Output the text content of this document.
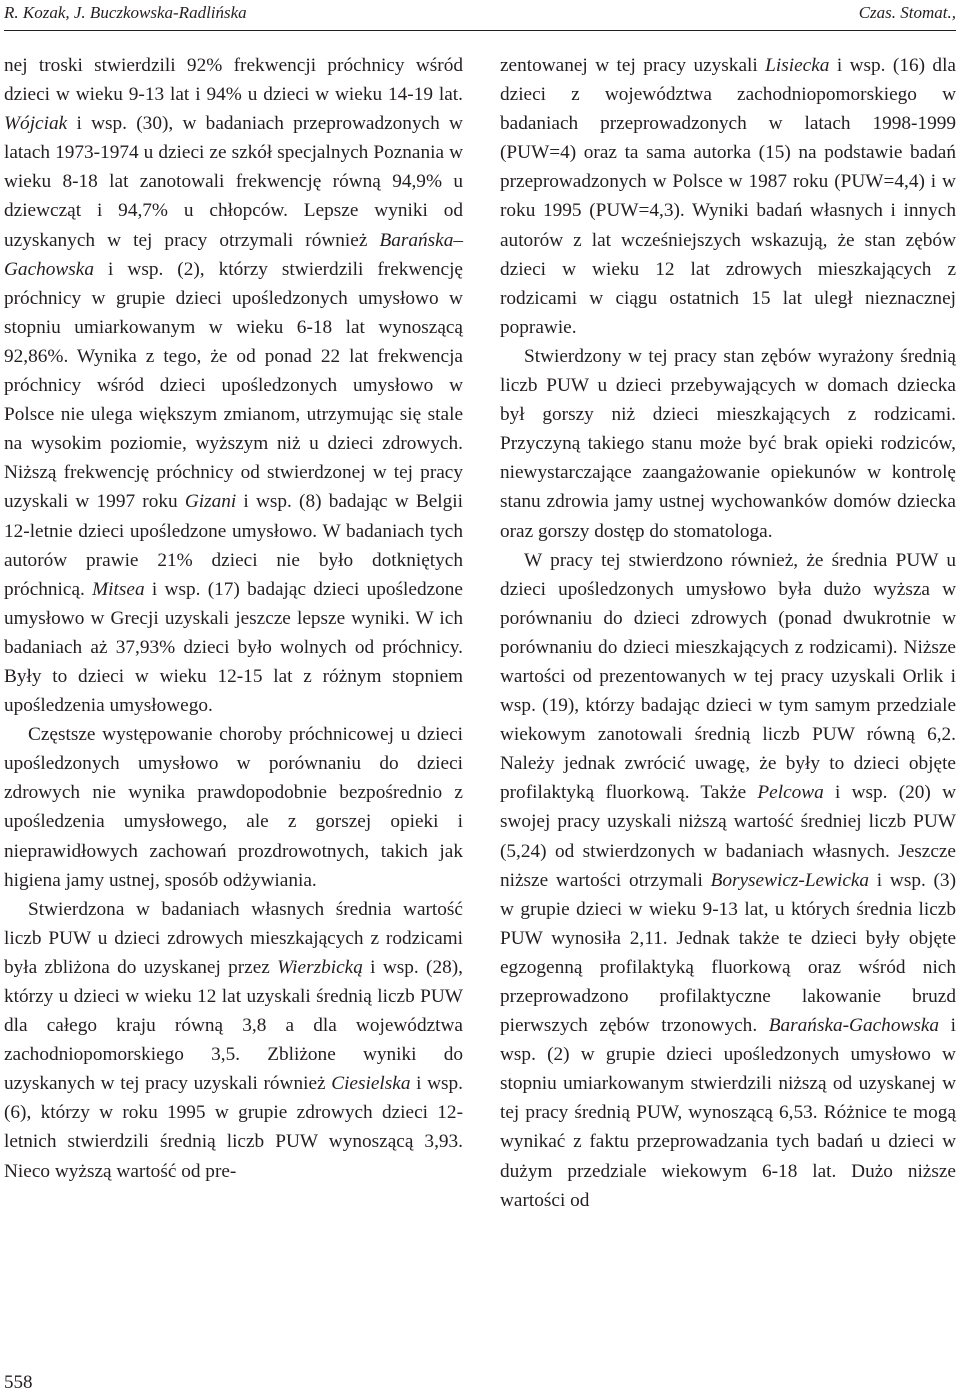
R. Kozak, J. Buczkowska-Radlińska	Czas. Stomat.,

nej troski stwierdzili 92% frekwencji próchnicy wśród dzieci w wieku 9-13 lat i 94% u dzieci w wieku 14-19 lat. Wójciak i wsp. (30), w badaniach przeprowadzonych w latach 1973-1974 u dzieci ze szkół specjalnych Poznania w wieku 8-18 lat zanotowali frekwencję równą 94,9% u dziewcząt i 94,7% u chłopców. Lepsze wyniki od uzyskanych w tej pracy otrzymali również Barańska– Gachowska i wsp. (2), którzy stwierdzili frekwencję próchnicy w grupie dzieci upośledzonych umysłowo w stopniu umiarkowanym w wieku 6-18 lat wynoszącą 92,86%. Wynika z tego, że od ponad 22 lat frekwencja próchnicy wśród dzieci upośledzonych umysłowo w Polsce nie ulega większym zmianom, utrzymując się stale na wysokim poziomie, wyższym niż u dzieci zdrowych. Niższą frekwencję próchnicy od stwierdzonej w tej pracy uzyskali w 1997 roku Gizani i wsp. (8) badając w Belgii 12-letnie dzieci upośledzone umysłowo. W badaniach tych autorów prawie 21% dzieci nie było dotkniętych próchnicą. Mitsea i wsp. (17) badając dzieci upośledzone umysłowo w Grecji uzyskali jeszcze lepsze wyniki. W ich badaniach aż 37,93% dzieci było wolnych od próchnicy. Były to dzieci w wieku 12-15 lat z różnym stopniem upośledzenia umysłowego.

Częstsze występowanie choroby próchnicowej u dzieci upośledzonych umysłowo w porównaniu do dzieci zdrowych nie wynika prawdopodobnie bezpośrednio z upośledzenia umysłowego, ale z gorszej opieki i nieprawidłowych zachowań prozdrowotnych, takich jak higiena jamy ustnej, sposób odżywiania.

Stwierdzona w badaniach własnych średnia wartość liczb PUW u dzieci zdrowych mieszkających z rodzicami była zbliżona do uzyskanej przez Wierzbicką i wsp. (28), którzy u dzieci w wieku 12 lat uzyskali średnią liczb PUW dla całego kraju równą 3,8 a dla województwa zachodniopomorskiego 3,5. Zbliżone wyniki do uzyskanych w tej pracy uzyskali również Ciesielska i wsp. (6), którzy w roku 1995 w grupie zdrowych dzieci 12-letnich stwierdzili średnią liczb PUW wynoszącą 3,93. Nieco wyższą wartość od pre-

zentowanej w tej pracy uzyskali Lisiecka i wsp. (16) dla dzieci z województwa zachodniopomorskiego w badaniach przeprowadzonych w latach 1998-1999 (PUW=4) oraz ta sama autorka (15) na podstawie badań przeprowadzonych w Polsce w 1987 roku (PUW=4,4) i w roku 1995 (PUW=4,3). Wyniki badań własnych i innych autorów z lat wcześniejszych wskazują, że stan zębów dzieci w wieku 12 lat zdrowych mieszkających z rodzicami w ciągu ostatnich 15 lat uległ nieznacznej poprawie.

Stwierdzony w tej pracy stan zębów wyrażony średnią liczb PUW u dzieci przebywających w domach dziecka był gorszy niż dzieci mieszkających z rodzicami. Przyczyną takiego stanu może być brak opieki rodziców, niewystarczające zaangażowanie opiekunów w kontrolę stanu zdrowia jamy ustnej wychowanków domów dziecka oraz gorszy dostęp do stomatologa.

W pracy tej stwierdzono również, że średnia PUW u dzieci upośledzonych umysłowo była dużo wyższa w porównaniu do dzieci zdrowych (ponad dwukrotnie w porównaniu do dzieci mieszkających z rodzicami). Niższe wartości od prezentowanych w tej pracy uzyskali Orlik i wsp. (19), którzy badając dzieci w tym samym przedziale wiekowym zanotowali średnią liczb PUW równą 6,2. Należy jednak zwrócić uwagę, że były to dzieci objęte profilaktyką fluorkową. Także Pelcowa i wsp. (20) w swojej pracy uzyskali niższą wartość średniej liczb PUW (5,24) od stwierdzonych w badaniach własnych. Jeszcze niższe wartości otrzymali Borysewicz-Lewicka i wsp. (3) w grupie dzieci w wieku 9-13 lat, u których średnia liczb PUW wynosiła 2,11. Jednak także te dzieci były objęte egzogenną profilaktyką fluorkową oraz wśród nich przeprowadzono profilaktyczne lakowanie bruzd pierwszych zębów trzonowych. Barańska-Gachowska i wsp. (2) w grupie dzieci upośledzonych umysłowo w stopniu umiarkowanym stwierdzili niższą od uzyskanej w tej pracy średnią PUW, wynoszącą 6,53. Różnice te mogą wynikać z faktu przeprowadzania tych badań u dzieci w dużym przedziale wiekowym 6-18 lat. Dużo niższe wartości od

558
